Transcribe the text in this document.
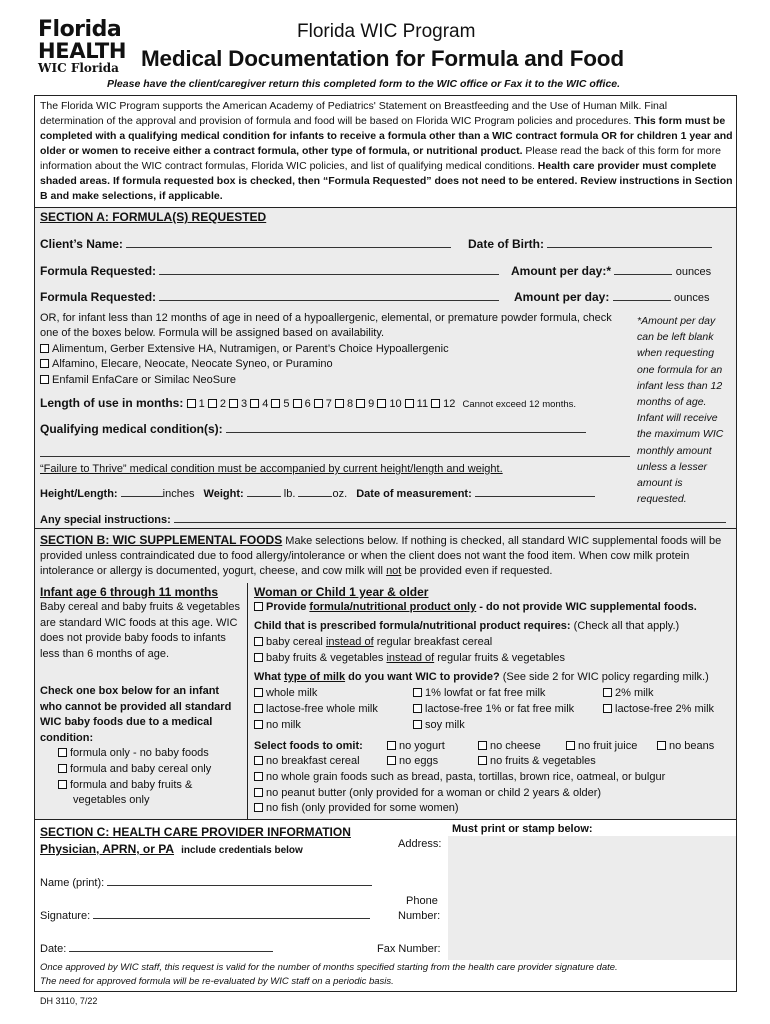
Florida
HEALTH
WIC Florida
Florida WIC Program
Medical Documentation for Formula and Food
Please have the client/caregiver return this completed form to the WIC office or Fax it to the WIC office.
The Florida WIC Program supports the American Academy of Pediatrics' Statement on Breastfeeding and the Use of Human Milk. Final determination of the approval and provision of formula and food will be based on Florida WIC Program policies and procedures. This form must be completed with a qualifying medical condition for infants to receive a formula other than a WIC contract formula OR for children 1 year and older or women to receive either a contract formula, other type of formula, or nutritional product. Please read the back of this form for more information about the WIC contract formulas, Florida WIC policies, and list of qualifying medical conditions. Health care provider must complete shaded areas. If formula requested box is checked, then “Formula Requested” does not need to be entered. Review instructions in Section B and make selections, if applicable.
SECTION A: FORMULA(S) REQUESTED
Client’s Name:	Date of Birth:
Formula Requested:	Amount per day:*	ounces
Formula Requested:	Amount per day:	ounces
OR, for infant less than 12 months of age in need of a hypoallergenic, elemental, or premature powder formula, check one of the boxes below. Formula will be assigned based on availability.
Alimentum, Gerber Extensive HA, Nutramigen, or Parent’s Choice Hypoallergenic
Alfamino, Elecare, Neocate, Neocate Syneo, or Puramino
Enfamil EnfaCare or Similac NeoSure
Length of use in months: 1 2 3 4 5 6 7 8 9 10 11 12 Cannot exceed 12 months.
Qualifying medical condition(s):
“Failure to Thrive” medical condition must be accompanied by current height/length and weight.
Height/Length:	inches Weight:	lb.	oz. Date of measurement:
Any special instructions:
*Amount per day can be left blank when requesting one formula for an infant less than 12 months of age. Infant will receive the maximum WIC monthly amount unless a lesser amount is requested.
SECTION B: WIC SUPPLEMENTAL FOODS Make selections below. If nothing is checked, all standard WIC supplemental foods will be provided unless contraindicated due to food allergy/intolerance or when the client does not want the food item. When cow milk protein intolerance or allergy is documented, yogurt, cheese, and cow milk will not be provided even if requested.
Infant age 6 through 11 months
Baby cereal and baby fruits & vegetables are standard WIC foods at this age. WIC does not provide baby foods to infants less than 6 months of age.
Check one box below for an infant who cannot be provided all standard WIC baby foods due to a medical condition:
formula only - no baby foods
formula and baby cereal only
formula and baby fruits &
vegetables only
Woman or Child 1 year & older
Provide formula/nutritional product only - do not provide WIC supplemental foods.
Child that is prescribed formula/nutritional product requires: (Check all that apply.)
baby cereal instead of regular breakfast cereal
baby fruits & vegetables instead of regular fruits & vegetables
What type of milk do you want WIC to provide? (See side 2 for WIC policy regarding milk.)
whole milk	1% lowfat or fat free milk	2% milk
lactose-free whole milk	lactose-free 1% or fat free milk	lactose-free 2% milk
no milk	soy milk
Select foods to omit:	no yogurt	no cheese	no fruit juice	no beans
no breakfast cereal	no eggs	no fruits & vegetables
no whole grain foods such as bread, pasta, tortillas, brown rice, oatmeal, or bulgur
no peanut butter (only provided for a woman or child 2 years & older)
no fish (only provided for some women)
SECTION C: HEALTH CARE PROVIDER INFORMATION
Physician, APRN, or PA include credentials below
Must print or stamp below:
Address:
Name (print):
Phone
Number:
Signature:
Date:	Fax Number:
Once approved by WIC staff, this request is valid for the number of months specified starting from the health care provider signature date.
The need for approved formula will be re-evaluated by WIC staff on a periodic basis.
DH 3110, 7/22
